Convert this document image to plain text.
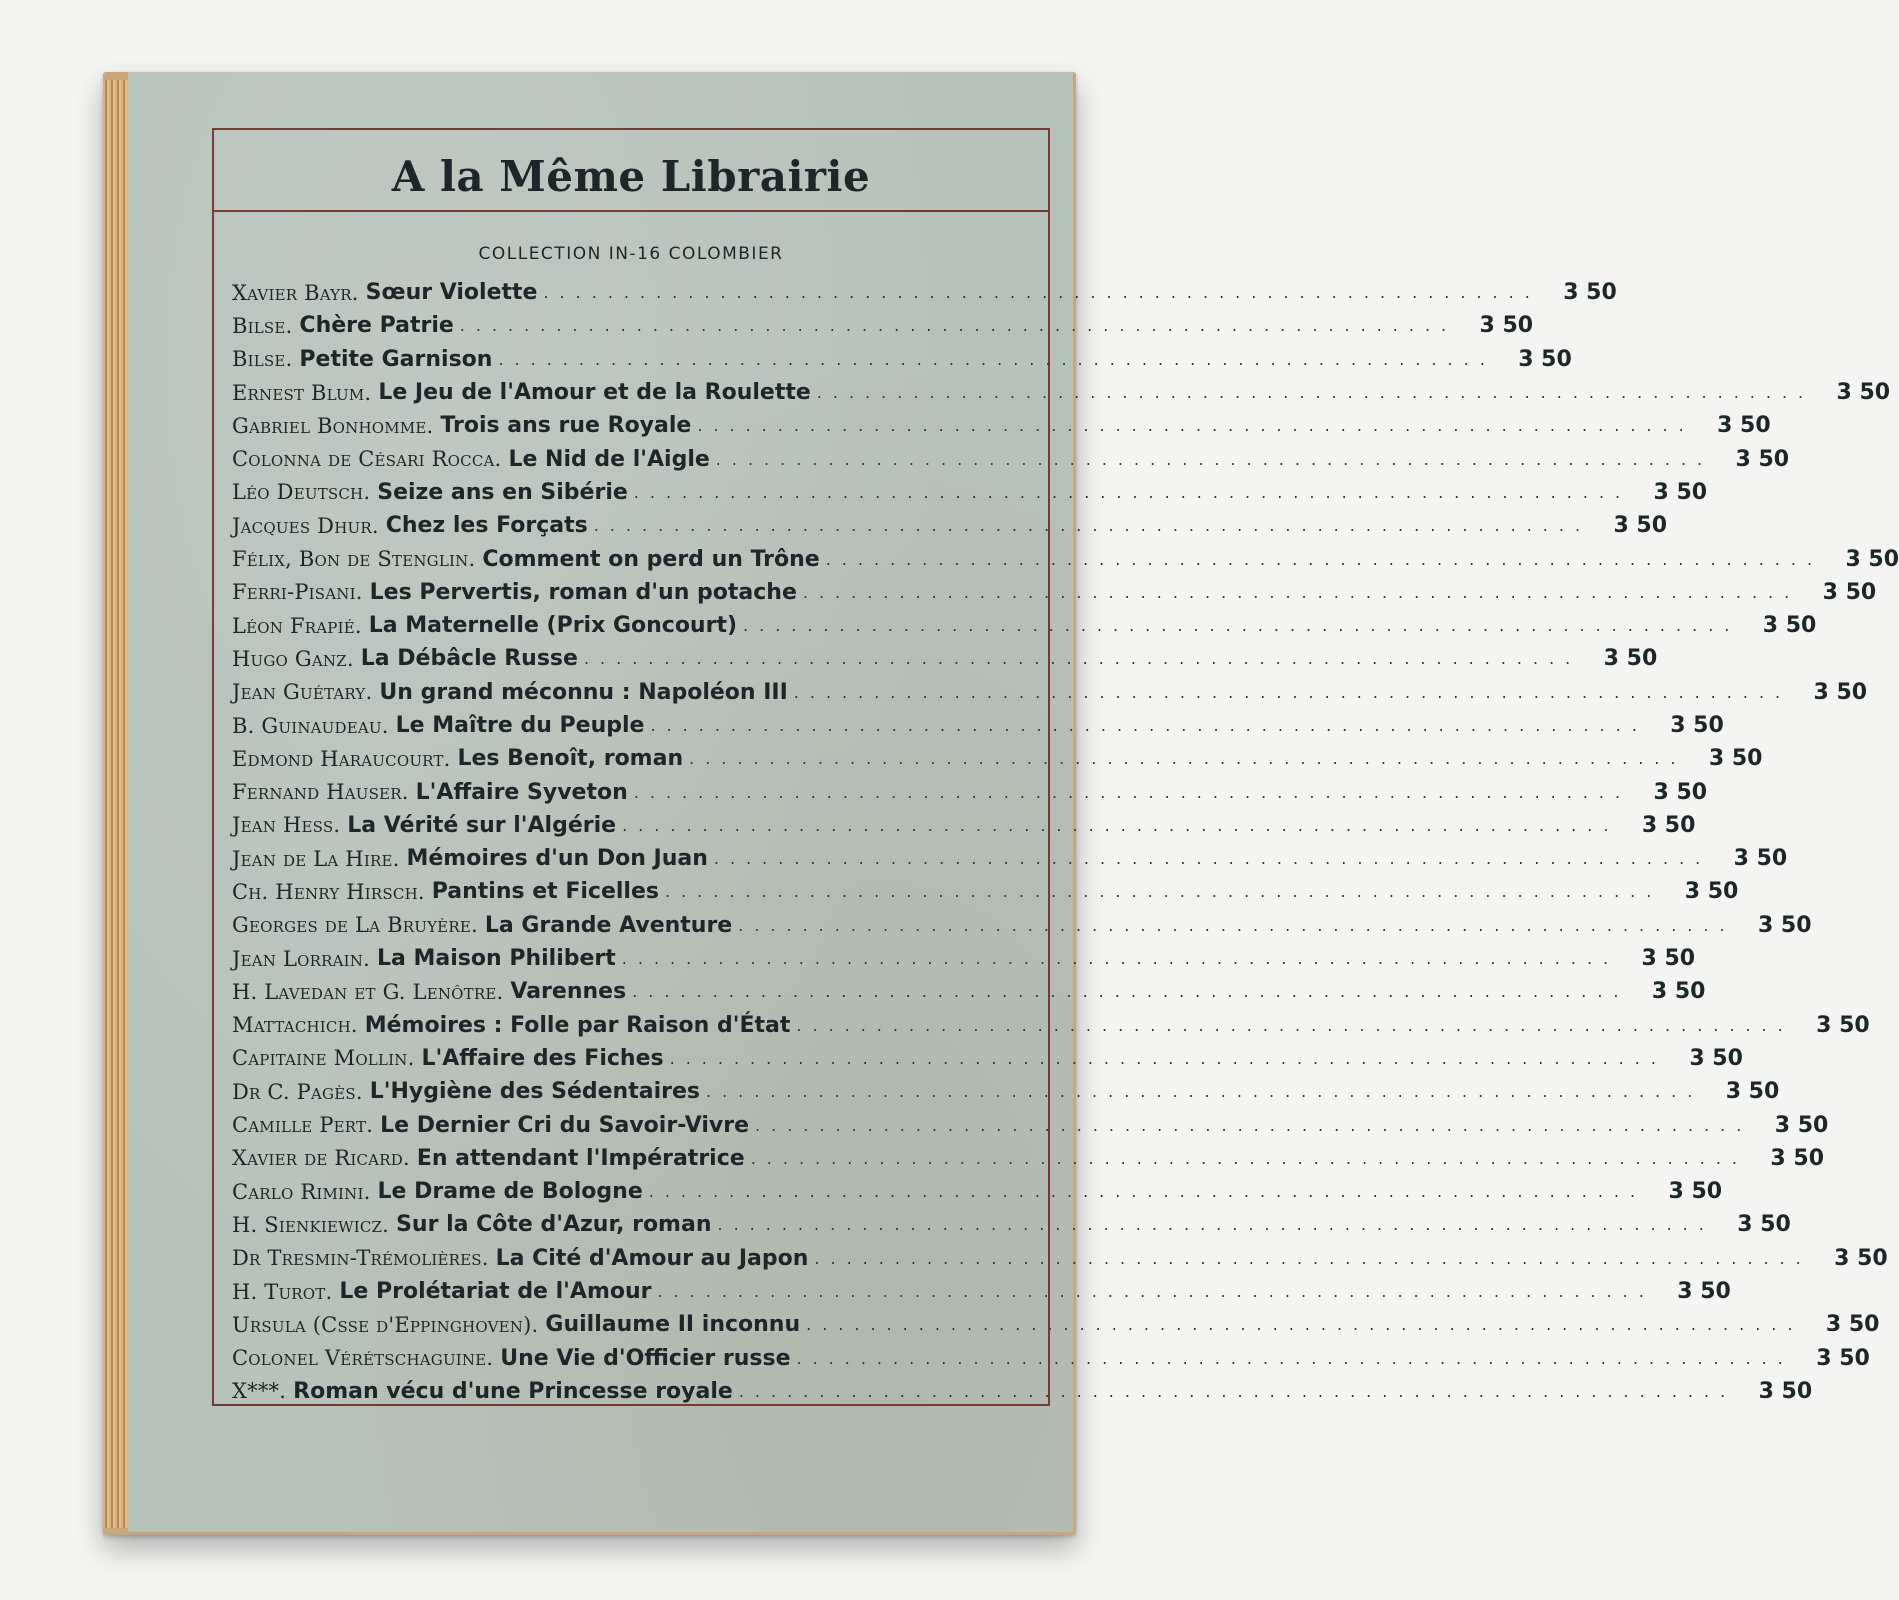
A la Même Librairie
COLLECTION IN-16 COLOMBIER
Xavier Bayr. Sœur Violette ..............................................................	3 50
Bilse. Chère Patrie ..............................................................	3 50
Bilse. Petite Garnison ..............................................................	3 50
Ernest Blum. Le Jeu de l'Amour et de la Roulette ..............................................................	3 50
Gabriel Bonhomme. Trois ans rue Royale ..............................................................	3 50
Colonna de Césari Rocca. Le Nid de l'Aigle ..............................................................	3 50
Léo Deutsch. Seize ans en Sibérie ..............................................................	3 50
Jacques Dhur. Chez les Forçats ..............................................................	3 50
Félix, Bon de Stenglin. Comment on perd un Trône ..............................................................	3 50
Ferri-Pisani. Les Pervertis, roman d'un potache ..............................................................	3 50
Léon Frapié. La Maternelle (Prix Goncourt) ..............................................................	3 50
Hugo Ganz. La Débâcle Russe ..............................................................	3 50
Jean Guétary. Un grand méconnu : Napoléon III ..............................................................	3 50
B. Guinaudeau. Le Maître du Peuple ..............................................................	3 50
Edmond Haraucourt. Les Benoît, roman ..............................................................	3 50
Fernand Hauser. L'Affaire Syveton ..............................................................	3 50
Jean Hess. La Vérité sur l'Algérie ..............................................................	3 50
Jean de La Hire. Mémoires d'un Don Juan ..............................................................	3 50
Ch. Henry Hirsch. Pantins et Ficelles ..............................................................	3 50
Georges de La Bruyère. La Grande Aventure ..............................................................	3 50
Jean Lorrain. La Maison Philibert ..............................................................	3 50
H. Lavedan et G. Lenôtre. Varennes ..............................................................	3 50
Mattachich. Mémoires : Folle par Raison d'État ..............................................................	3 50
Capitaine Mollin. L'Affaire des Fiches ..............................................................	3 50
Dr C. Pagès. L'Hygiène des Sédentaires ..............................................................	3 50
Camille Pert. Le Dernier Cri du Savoir-Vivre ..............................................................	3 50
Xavier de Ricard. En attendant l'Impératrice ..............................................................	3 50
Carlo Rimini. Le Drame de Bologne ..............................................................	3 50
H. Sienkiewicz. Sur la Côte d'Azur, roman ..............................................................	3 50
Dr Tresmin-Trémolières. La Cité d'Amour au Japon ..............................................................	3 50
H. Turot. Le Prolétariat de l'Amour ..............................................................	3 50
Ursula (Csse d'Eppinghoven). Guillaume II inconnu ..............................................................	3 50
Colonel Vérétschaguine. Une Vie d'Officier russe ..............................................................	3 50
X***. Roman vécu d'une Princesse royale ..............................................................	3 50
